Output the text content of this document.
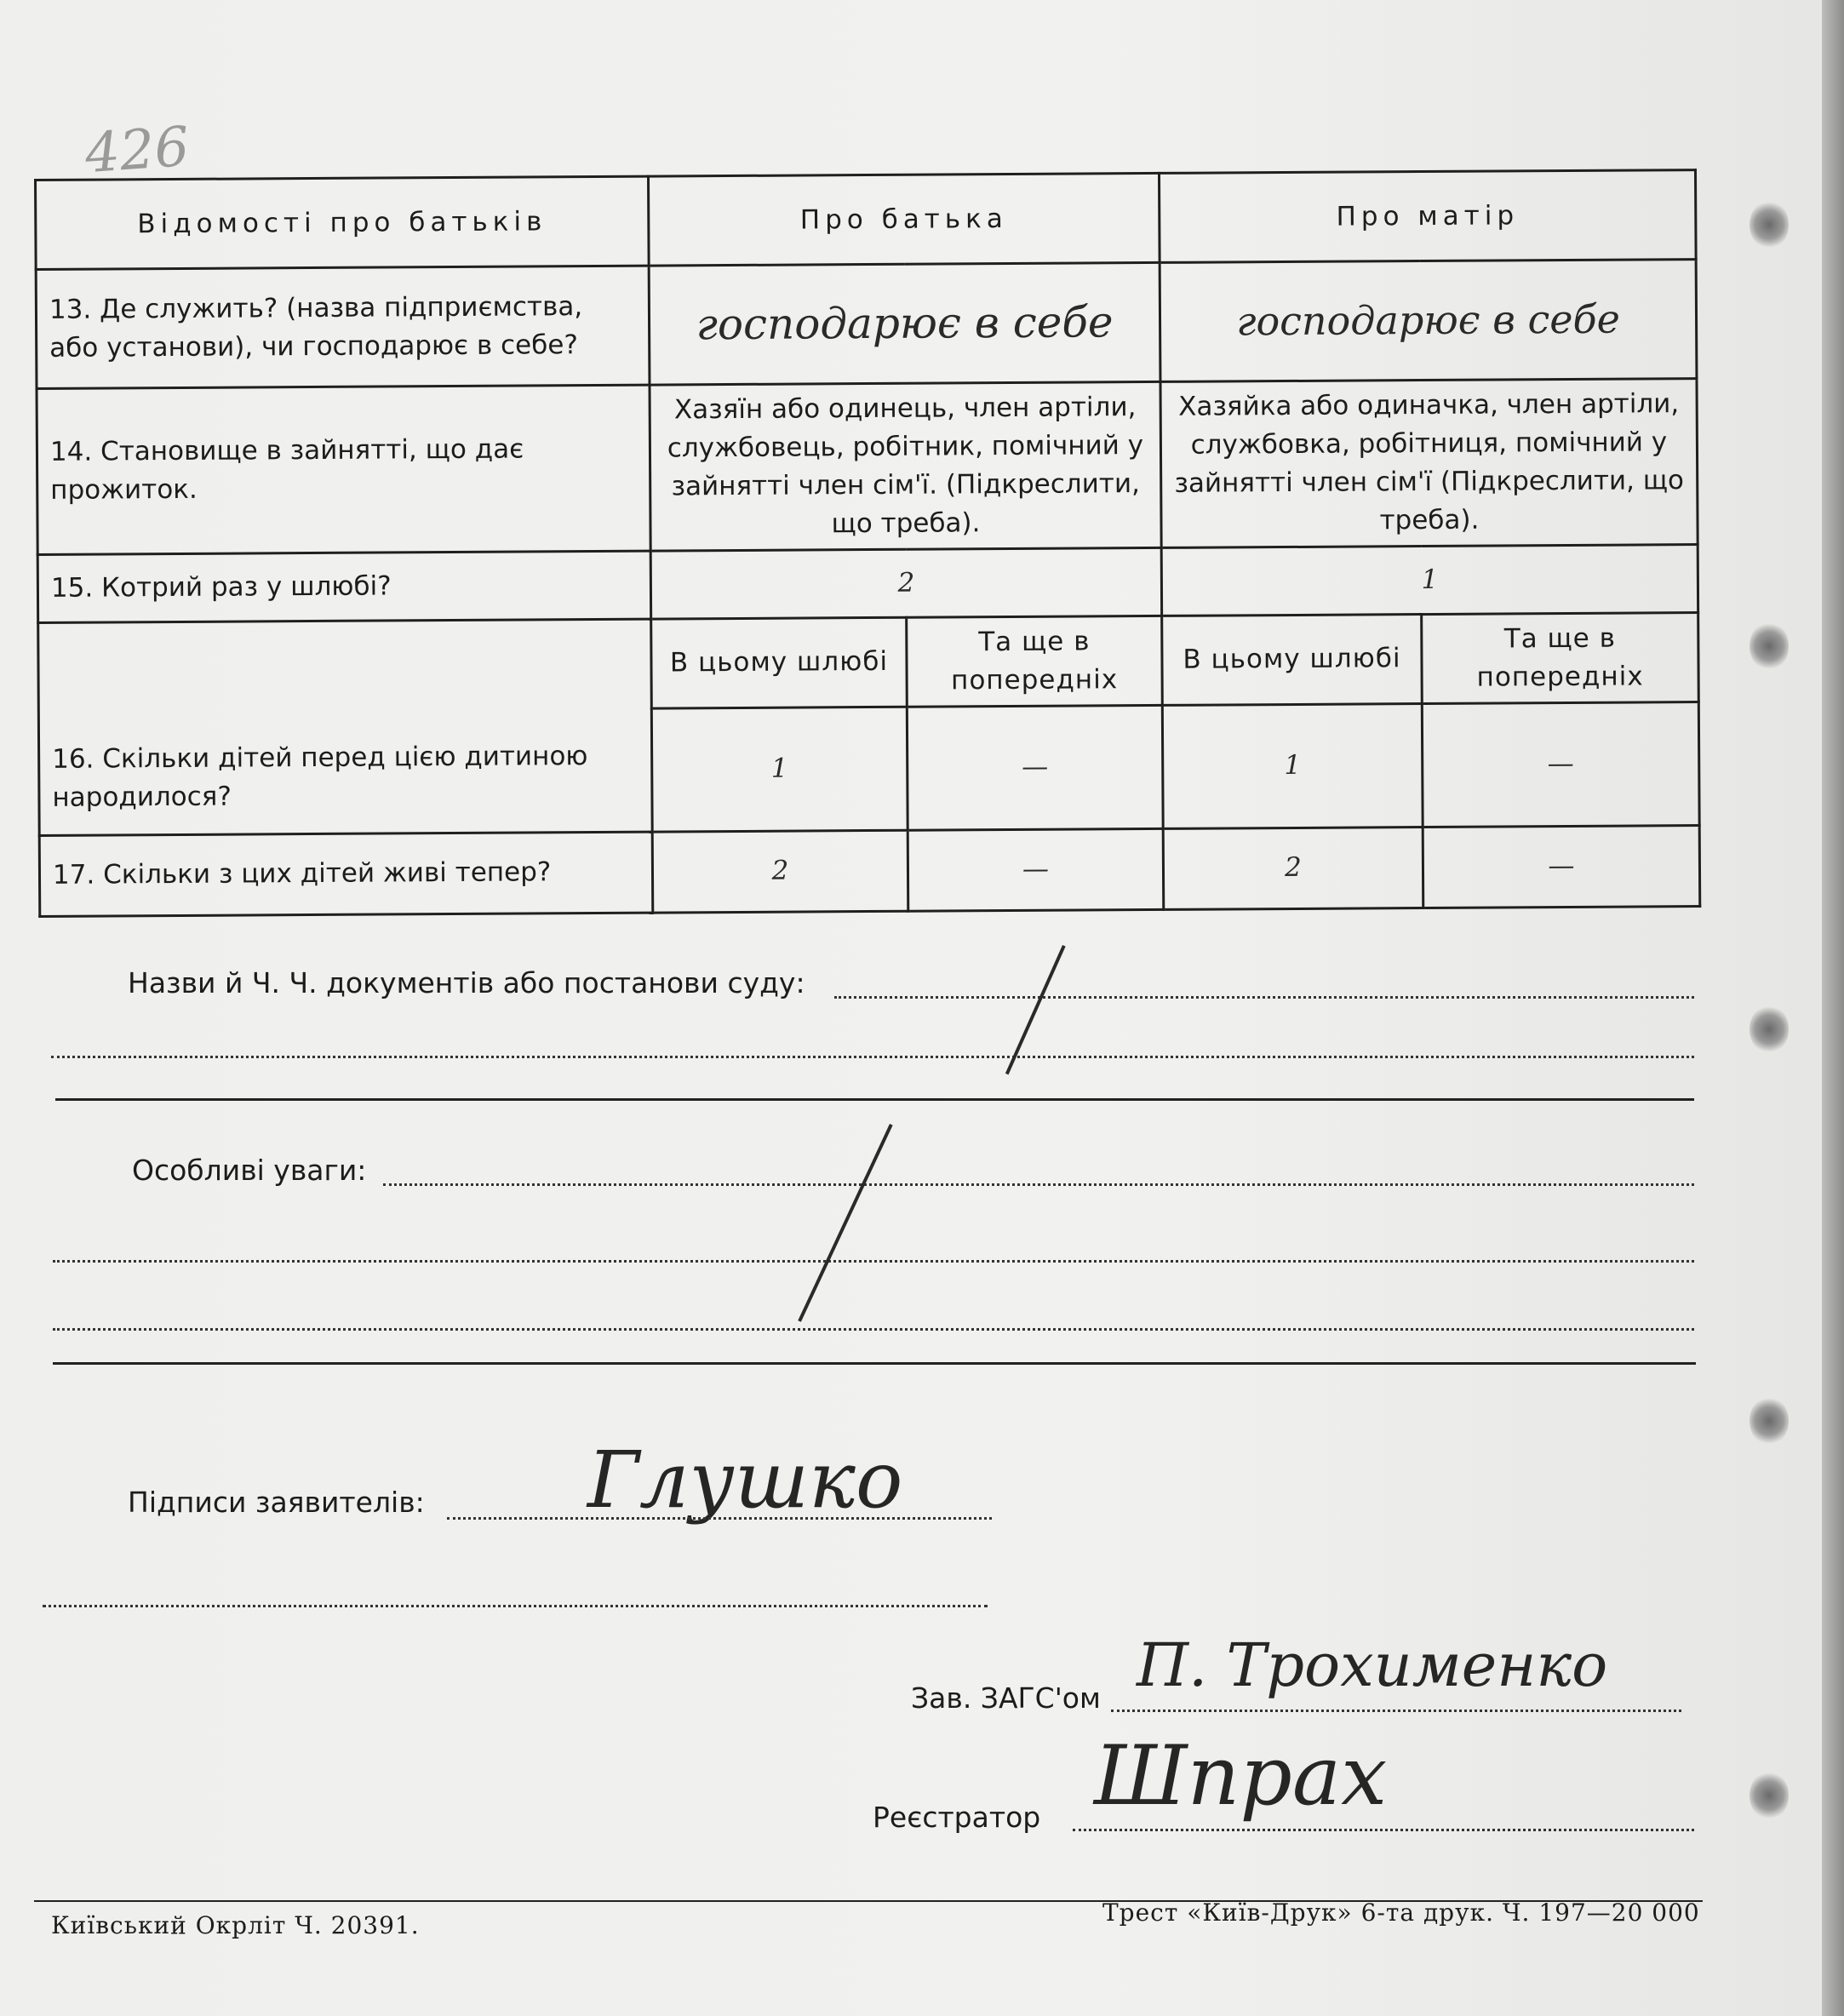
426
Відомості про батьків	Про батька		Про матір	
13. Де служить? (назва підприємства, або установи), чи господарює в себе?	господарює в себе		господарює в себе	
14. Становище в зайнятті, що дає прожиток.	Хазяїн або одинець, член артіли, службовець, робітник, помічний у зайнятті член сім'ї. (Підкреслити, що треба).		Хазяйка або одиначка, член артіли, службовка, робітниця, помічний у зайнятті член сім'ї (Підкреслити, що треба).	
15. Котрий раз у шлюбі?	2		1	
16. Скільки дітей перед цією дитиною народилося?	В цьому шлюбі	Та ще в попередніх	В цьому шлюбі	Та ще в попередніх
	1	—	1	—
17. Скільки з цих дітей живі тепер?	2	—	2	—
Назви й Ч. Ч. документів або постанови суду:
Особливі уваги:
Підписи заявителів: Глушко
Зав. ЗАГС'ом П. Трохименко
Реєстратор Шпрах
Київський Окрліт Ч. 20391.	Трест «Київ-Друк» 6-та друк. Ч. 197—20 000
